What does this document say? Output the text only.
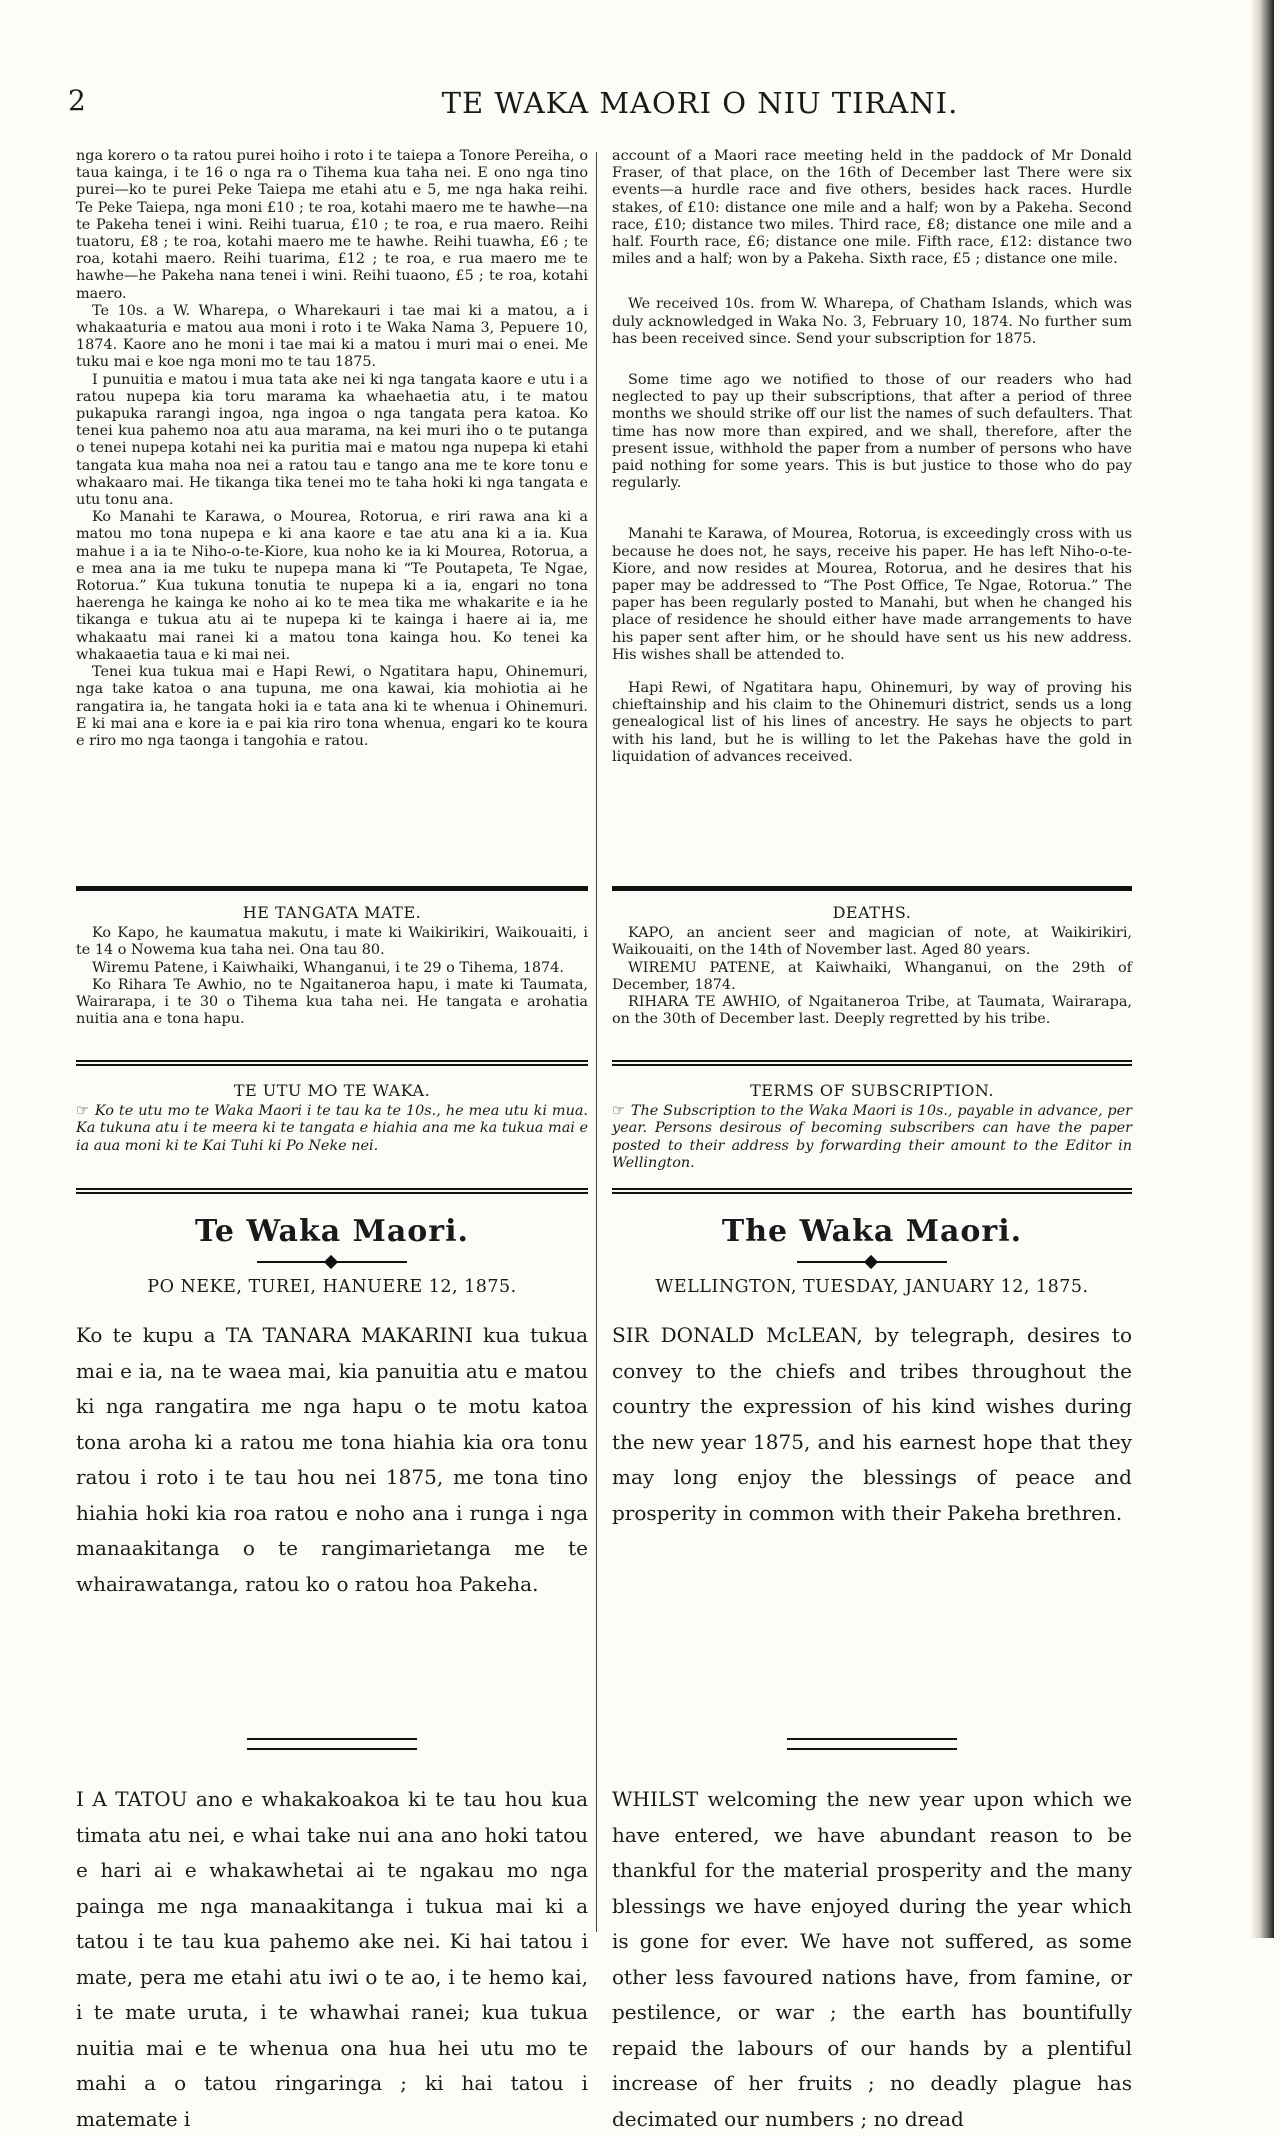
2	TE WAKA MAORI O NIU TIRANI.

nga korero o ta ratou purei hoiho i roto i te taiepa a Tonore Pereiha, o taua kainga, i te 16 o nga ra o Tihema kua taha nei. E ono nga tino purei—ko te purei Peke Taiepa me etahi atu e 5, me nga haka reihi. Te Peke Taiepa, nga moni £10 ; te roa, kotahi maero me te hawhe—na te Pakeha tenei i wini. Reihi tuarua, £10 ; te roa, e rua maero. Reihi tuatoru, £8 ; te roa, kotahi maero me te hawhe. Reihi tuawha, £6 ; te roa, kotahi maero. Reihi tuarima, £12 ; te roa, e rua maero me te hawhe—he Pakeha nana tenei i wini. Reihi tuaono, £5 ; te roa, kotahi maero.

Te 10s. a W. Wharepa, o Wharekauri i tae mai ki a matou, a i whakaaturia e matou aua moni i roto i te Waka Nama 3, Pepuere 10, 1874. Kaore ano he moni i tae mai ki a matou i muri mai o enei. Me tuku mai e koe nga moni mo te tau 1875.

I punuitia e matou i mua tata ake nei ki nga tangata kaore e utu i a ratou nupepa kia toru marama ka whaehaetia atu, i te matou pukapuka rarangi ingoa, nga ingoa o nga tangata pera katoa. Ko tenei kua pahemo noa atu aua marama, na kei muri iho o te putanga o tenei nupepa kotahi nei ka puritia mai e matou nga nupepa ki etahi tangata kua maha noa nei a ratou tau e tango ana me te kore tonu e whakaaro mai. He tikanga tika tenei mo te taha hoki ki nga tangata e utu tonu ana.

Ko Manahi te Karawa, o Mourea, Rotorua, e riri rawa ana ki a matou mo tona nupepa e ki ana kaore e tae atu ana ki a ia. Kua mahue i a ia te Niho-o-te-Kiore, kua noho ke ia ki Mourea, Rotorua, a e mea ana ia me tuku te nupepa mana ki “Te Poutapeta, Te Ngae, Rotorua.” Kua tukuna tonutia te nupepa ki a ia, engari no tona haerenga he kainga ke noho ai ko te mea tika me whakarite e ia he tikanga e tukua atu ai te nupepa ki te kainga i haere ai ia, me whakaatu mai ranei ki a matou tona kainga hou. Ko tenei ka whakaaetia taua e ki mai nei.

Tenei kua tukua mai e Hapi Rewi, o Ngatitara hapu, Ohinemuri, nga take katoa o ana tupuna, me ona kawai, kia mohiotia ai he rangatira ia, he tangata hoki ia e tata ana ki te whenua i Ohinemuri. E ki mai ana e kore ia e pai kia riro tona whenua, engari ko te koura e riro mo nga taonga i tangohia e ratou.

HE TANGATA MATE.

Ko Kapo, he kaumatua makutu, i mate ki Waikirikiri, Waikouaiti, i te 14 o Nowema kua taha nei. Ona tau 80.

Wiremu Patene, i Kaiwhaiki, Whanganui, i te 29 o Tihema, 1874.

Ko Rihara Te Awhio, no te Ngaitaneroa hapu, i mate ki Taumata, Wairarapa, i te 30 o Tihema kua taha nei. He tangata e arohatia nuitia ana e tona hapu.

TE UTU MO TE WAKA.

☞ Ko te utu mo te Waka Maori i te tau ka te 10s., he mea utu ki mua. Ka tukuna atu i te meera ki te tangata e hiahia ana me ka tukua mai e ia aua moni ki te Kai Tuhi ki Po Neke nei.

Te Waka Maori.
PO NEKE, TUREI, HANUERE 12, 1875.

Ko te kupu a TA TANARA MAKARINI kua tukua mai e ia, na te waea mai, kia panuitia atu e matou ki nga rangatira me nga hapu o te motu katoa tona aroha ki a ratou me tona hiahia kia ora tonu ratou i roto i te tau hou nei 1875, me tona tino hiahia hoki kia roa ratou e noho ana i runga i nga manaakitanga o te rangimarietanga me te whairawatanga, ratou ko o ratou hoa Pakeha.

I A TATOU ano e whakakoakoa ki te tau hou kua timata atu nei, e whai take nui ana ano hoki tatou e hari ai e whakawhetai ai te ngakau mo nga painga me nga manaakitanga i tukua mai ki a tatou i te tau kua pahemo ake nei. Ki hai tatou i mate, pera me etahi atu iwi o te ao, i te hemo kai, i te mate uruta, i te whawhai ranei; kua tukua nuitia mai e te whenua ona hua hei utu mo te mahi a o tatou ringaringa ; ki hai tatou i matemate i

account of a Maori race meeting held in the paddock of Mr Donald Fraser, of that place, on the 16th of December last There were six events—a hurdle race and five others, besides hack races. Hurdle stakes, of £10: distance one mile and a half; won by a Pakeha. Second race, £10; distance two miles. Third race, £8; distance one mile and a half. Fourth race, £6; distance one mile. Fifth race, £12: distance two miles and a half; won by a Pakeha. Sixth race, £5 ; distance one mile.

We received 10s. from W. Wharepa, of Chatham Islands, which was duly acknowledged in Waka No. 3, February 10, 1874. No further sum has been received since. Send your subscription for 1875.

Some time ago we notified to those of our readers who had neglected to pay up their subscriptions, that after a period of three months we should strike off our list the names of such defaulters. That time has now more than expired, and we shall, therefore, after the present issue, withhold the paper from a number of persons who have paid nothing for some years. This is but justice to those who do pay regularly.

Manahi te Karawa, of Mourea, Rotorua, is exceedingly cross with us because he does not, he says, receive his paper. He has left Niho-o-te-Kiore, and now resides at Mourea, Rotorua, and he desires that his paper may be addressed to “The Post Office, Te Ngae, Rotorua.” The paper has been regularly posted to Manahi, but when he changed his place of residence he should either have made arrangements to have his paper sent after him, or he should have sent us his new address. His wishes shall be attended to.

Hapi Rewi, of Ngatitara hapu, Ohinemuri, by way of proving his chieftainship and his claim to the Ohinemuri district, sends us a long genealogical list of his lines of ancestry. He says he objects to part with his land, but he is willing to let the Pakehas have the gold in liquidation of advances received.

DEATHS.

KAPO, an ancient seer and magician of note, at Waikirikiri, Waikouaiti, on the 14th of November last. Aged 80 years.

WIREMU PATENE, at Kaiwhaiki, Whanganui, on the 29th of December, 1874.

RIHARA TE AWHIO, of Ngaitaneroa Tribe, at Taumata, Wairarapa, on the 30th of December last. Deeply regretted by his tribe.

TERMS OF SUBSCRIPTION.

☞ The Subscription to the Waka Maori is 10s., payable in advance, per year. Persons desirous of becoming subscribers can have the paper posted to their address by forwarding their amount to the Editor in Wellington.

The Waka Maori.
WELLINGTON, TUESDAY, JANUARY 12, 1875.

SIR DONALD McLEAN, by telegraph, desires to convey to the chiefs and tribes throughout the country the expression of his kind wishes during the new year 1875, and his earnest hope that they may long enjoy the blessings of peace and prosperity in common with their Pakeha brethren.

WHILST welcoming the new year upon which we have entered, we have abundant reason to be thankful for the material prosperity and the many blessings we have enjoyed during the year which is gone for ever. We have not suffered, as some other less favoured nations have, from famine, or pestilence, or war ; the earth has bountifully repaid the labours of our hands by a plentiful increase of her fruits ; no deadly plague has decimated our numbers ; no dread
